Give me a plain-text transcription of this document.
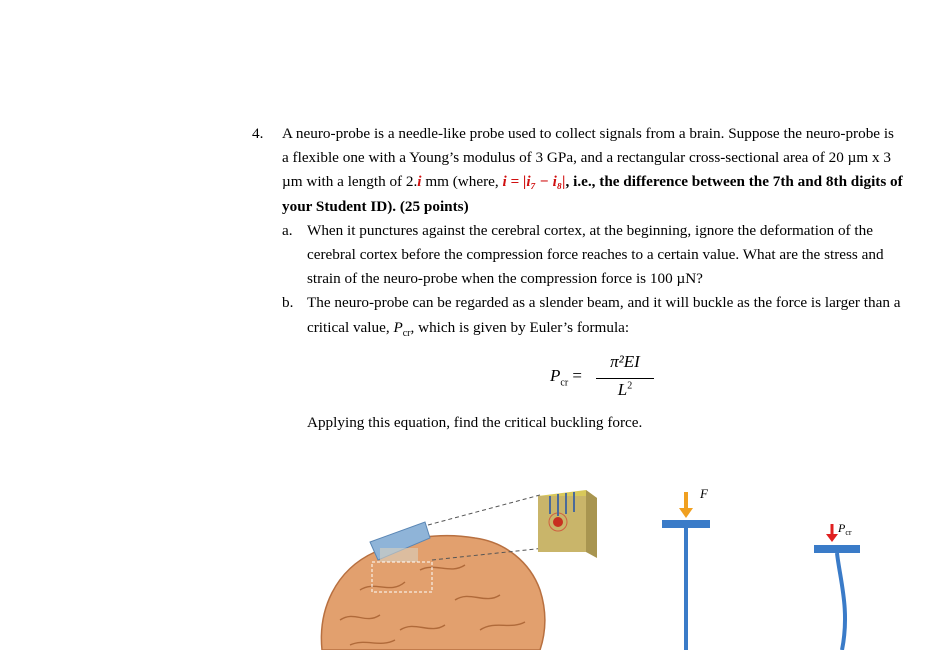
4. A neuro-probe is a needle-like probe used to collect signals from a brain. Suppose the neuro-probe is a flexible one with a Young’s modulus of 3 GPa, and a rectangular cross-sectional area of 20 µm x 3 µm with a length of 2.i mm (where, i = |i₇ − i₈|, i.e., the difference between the 7th and 8th digits of your Student ID). (25 points)
a. When it punctures against the cerebral cortex, at the beginning, ignore the deformation of the cerebral cortex before the compression force reaches to a certain value. What are the stress and strain of the neuro-probe when the compression force is 100 µN?
b. The neuro-probe can be regarded as a slender beam, and it will buckle as the force is larger than a critical value, $P_{cr}$, which is given by Euler’s formula:
$P_{cr}$ =
π²EI
$L^2$
Applying this equation, find the critical buckling force.
F
$P_{cr}$
